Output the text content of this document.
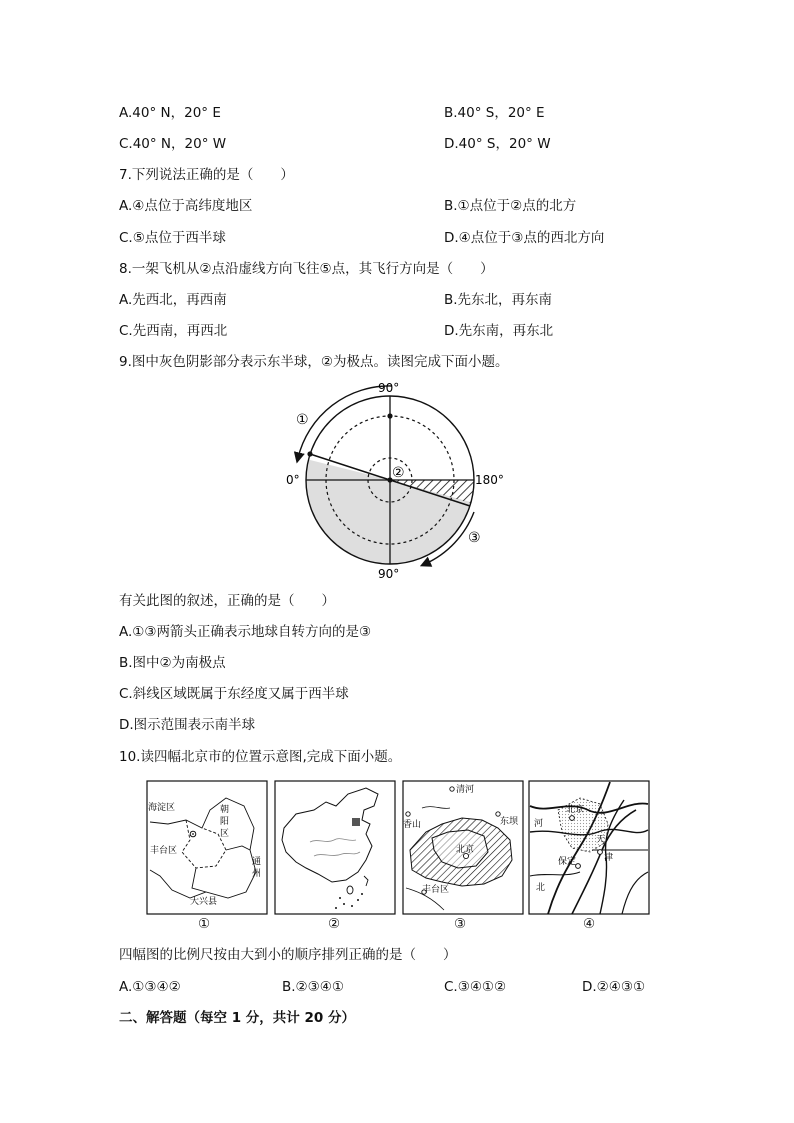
A.40° N，20° E	B.40° S，20° E
C.40° N，20° W	D.40° S，20° W
7.下列说法正确的是（　　）
A.④点位于高纬度地区	B.①点位于②点的北方
C.⑤点位于西半球	D.④点位于③点的西北方向
8.一架飞机从②点沿虚线方向飞往⑤点，其飞行方向是（　　）
A.先西北，再西南	B.先东北，再东南
C.先西南，再西北	D.先东南，再东北
9.图中灰色阴影部分表示东半球，②为极点。读图完成下面小题。
90°
90°
0°	180°
①
②
③
有关此图的叙述，正确的是（　　）
A.①③两箭头正确表示地球自转方向的是③
B.图中②为南极点
C.斜线区域既属于东经度又属于西半球
D.图示范围表示南半球
10.读四幅北京市的位置示意图,完成下面小题。
海淀区	朝
阳
区
丰台区
通
州
大兴县
①	②
清河
香山	东坝
北京
丰台区
③
北京
河
天
津
保定
北
④
四幅图的比例尺按由大到小的顺序排列正确的是（　　）
A.①③④②	B.②③④①	C.③④①②	D.②④③①
二、解答题（每空 1 分，共计 20 分）
